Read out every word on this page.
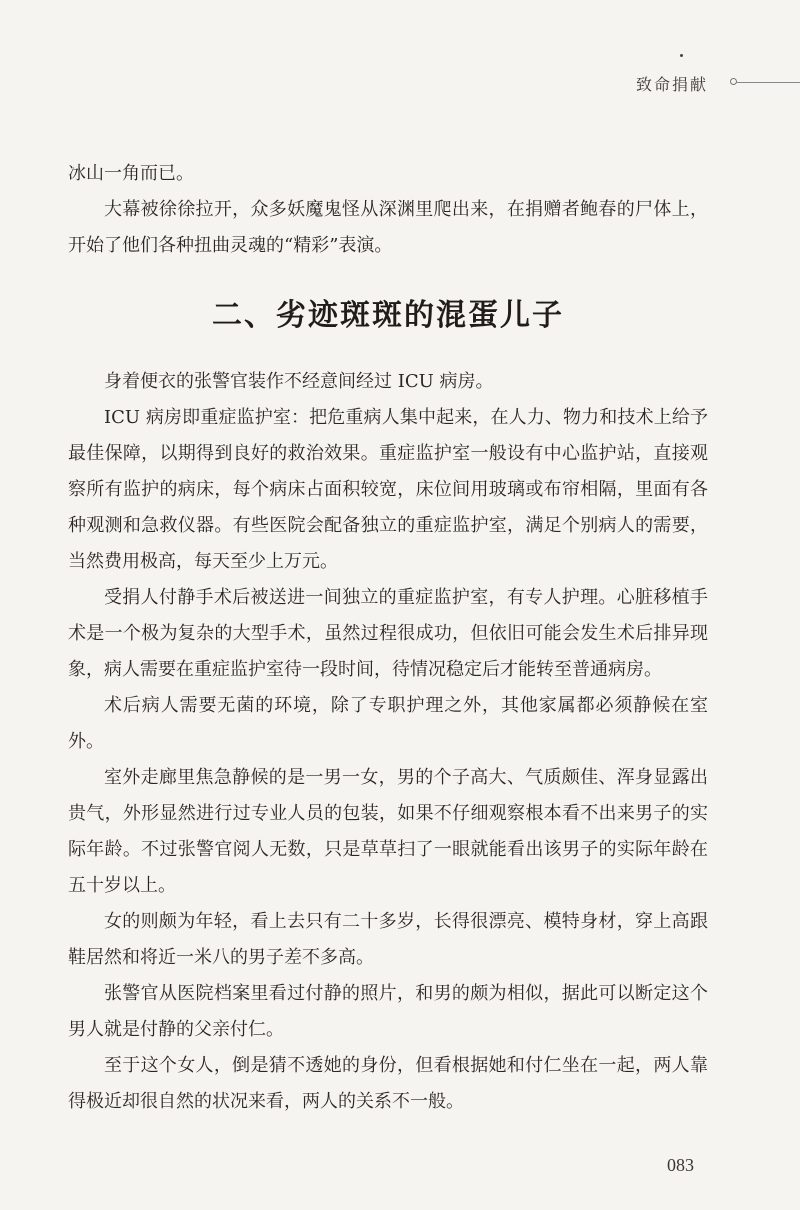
致命捐献

冰山一角而已。

大幕被徐徐拉开，众多妖魔鬼怪从深渊里爬出来，在捐赠者鲍春的尸体上，开始了他们各种扭曲灵魂的“精彩”表演。

二、劣迹斑斑的混蛋儿子

身着便衣的张警官装作不经意间经过 ICU 病房。

ICU 病房即重症监护室：把危重病人集中起来，在人力、物力和技术上给予最佳保障，以期得到良好的救治效果。重症监护室一般设有中心监护站，直接观察所有监护的病床，每个病床占面积较宽，床位间用玻璃或布帘相隔，里面有各种观测和急救仪器。有些医院会配备独立的重症监护室，满足个别病人的需要，当然费用极高，每天至少上万元。

受捐人付静手术后被送进一间独立的重症监护室，有专人护理。心脏移植手术是一个极为复杂的大型手术，虽然过程很成功，但依旧可能会发生术后排异现象，病人需要在重症监护室待一段时间，待情况稳定后才能转至普通病房。

术后病人需要无菌的环境，除了专职护理之外，其他家属都必须静候在室外。

室外走廊里焦急静候的是一男一女，男的个子高大、气质颇佳、浑身显露出贵气，外形显然进行过专业人员的包装，如果不仔细观察根本看不出来男子的实际年龄。不过张警官阅人无数，只是草草扫了一眼就能看出该男子的实际年龄在五十岁以上。

女的则颇为年轻，看上去只有二十多岁，长得很漂亮、模特身材，穿上高跟鞋居然和将近一米八的男子差不多高。

张警官从医院档案里看过付静的照片，和男的颇为相似，据此可以断定这个男人就是付静的父亲付仁。

至于这个女人，倒是猜不透她的身份，但看根据她和付仁坐在一起，两人靠得极近却很自然的状况来看，两人的关系不一般。

083
